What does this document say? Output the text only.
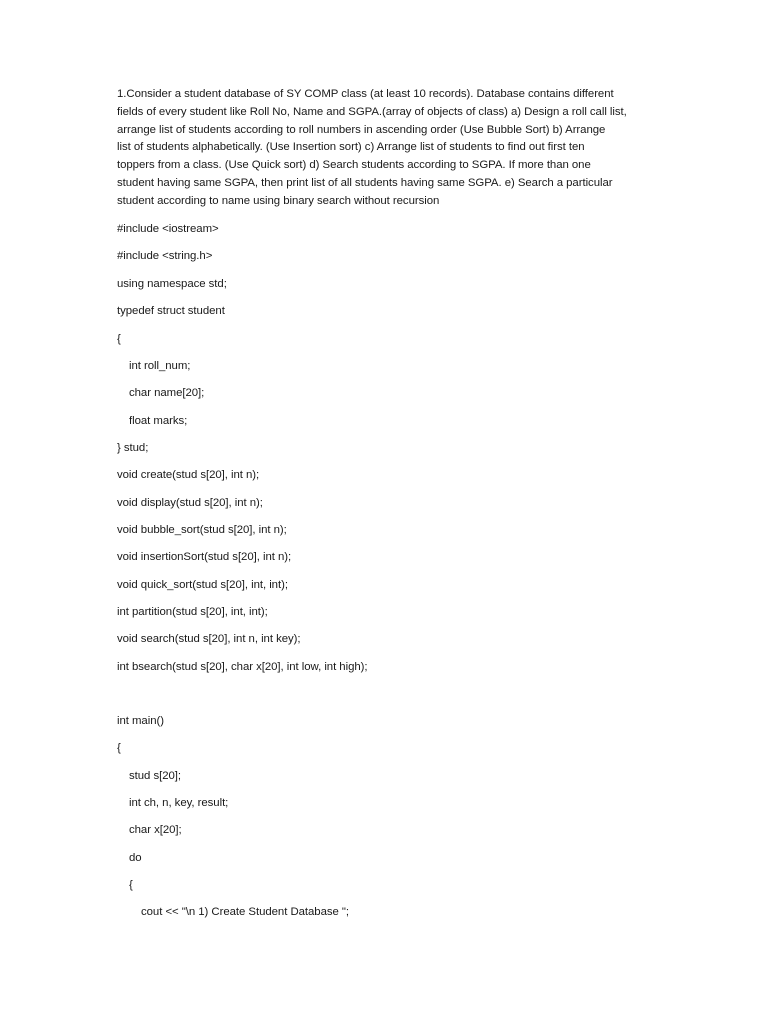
1.Consider a student database of SY COMP class (at least 10 records). Database contains different
fields of every student like Roll No, Name and SGPA.(array of objects of class) a) Design a roll call list,
arrange list of students according to roll numbers in ascending order (Use Bubble Sort) b) Arrange
list of students alphabetically. (Use Insertion sort) c) Arrange list of students to find out first ten
toppers from a class. (Use Quick sort) d) Search students according to SGPA. If more than one
student having same SGPA, then print list of all students having same SGPA. e) Search a particular
student according to name using binary search without recursion

#include <iostream>

#include <string.h>

using namespace std;

typedef struct student

{

int roll_num;

char name[20];

float marks;

} stud;

void create(stud s[20], int n);

void display(stud s[20], int n);

void bubble_sort(stud s[20], int n);

void insertionSort(stud s[20], int n);

void quick_sort(stud s[20], int, int);

int partition(stud s[20], int, int);

void search(stud s[20], int n, int key);

int bsearch(stud s[20], char x[20], int low, int high);

int main()

{

stud s[20];

int ch, n, key, result;

char x[20];

do

{

cout << "\n 1) Create Student Database ";
